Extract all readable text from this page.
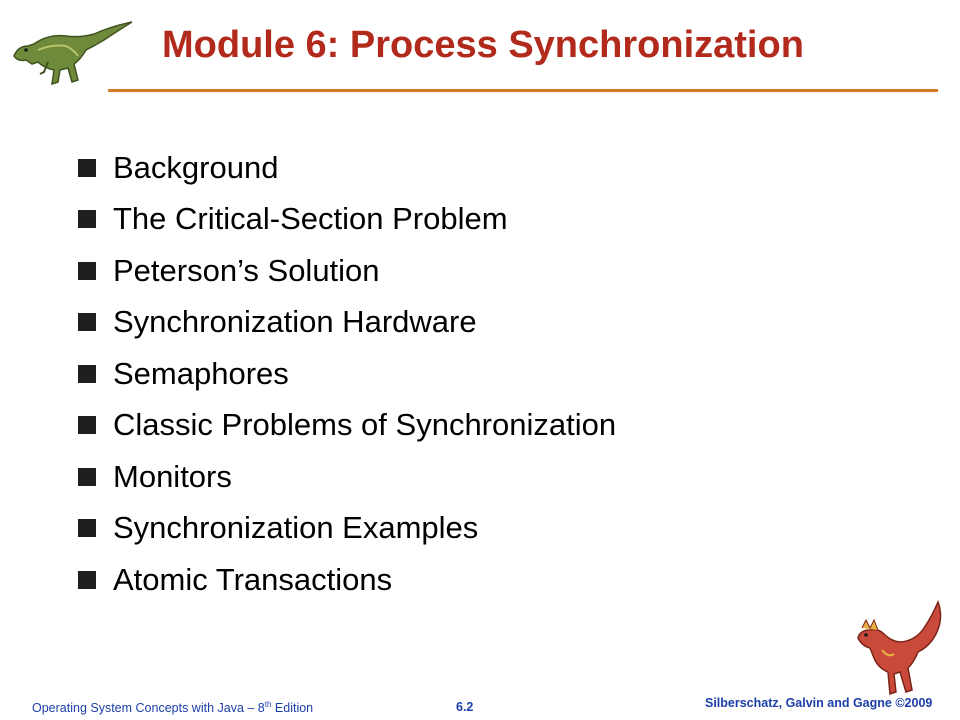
Module 6: Process Synchronization
Background
The Critical-Section Problem
Peterson’s Solution
Synchronization Hardware
Semaphores
Classic Problems of Synchronization
Monitors
Synchronization Examples
Atomic Transactions
Operating System Concepts with Java – 8th Edition	6.2	Silberschatz, Galvin and Gagne ©2009
